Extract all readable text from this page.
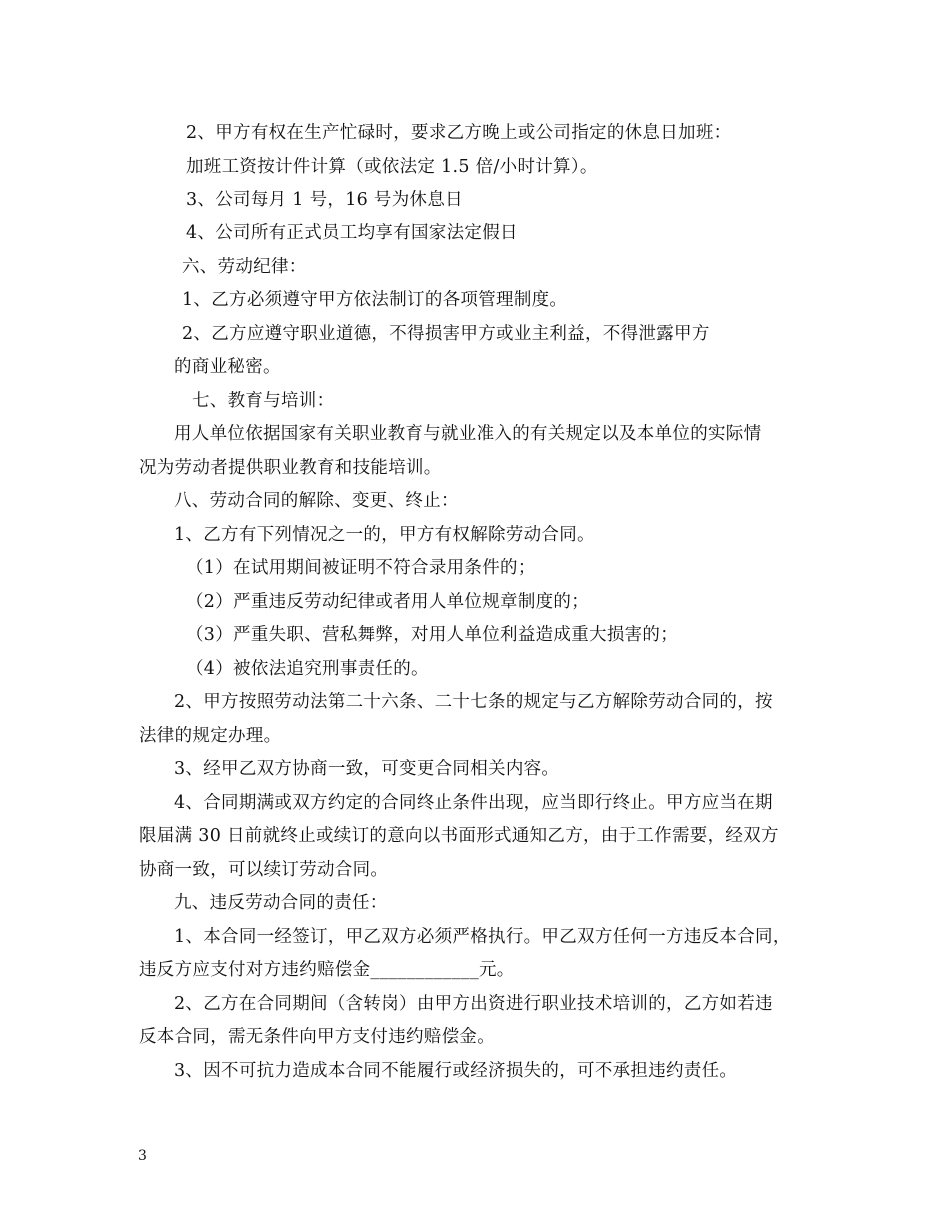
2、甲方有权在生产忙碌时，要求乙方晚上或公司指定的休息日加班：
加班工资按计件计算（或依法定 1.5 倍/小时计算）。
3、公司每月 1 号，16 号为休息日
4、公司所有正式员工均享有国家法定假日
六、劳动纪律：
1、乙方必须遵守甲方依法制订的各项管理制度。
2、乙方应遵守职业道德，不得损害甲方或业主利益，不得泄露甲方
的商业秘密。
七、教育与培训：
用人单位依据国家有关职业教育与就业准入的有关规定以及本单位的实际情
况为劳动者提供职业教育和技能培训。
八、劳动合同的解除、变更、终止：
1、乙方有下列情况之一的，甲方有权解除劳动合同。
（1）在试用期间被证明不符合录用条件的；
（2）严重违反劳动纪律或者用人单位规章制度的；
（3）严重失职、营私舞弊，对用人单位利益造成重大损害的；
（4）被依法追究刑事责任的。
2、甲方按照劳动法第二十六条、二十七条的规定与乙方解除劳动合同的，按
法律的规定办理。
3、经甲乙双方协商一致，可变更合同相关内容。
4、合同期满或双方约定的合同终止条件出现，应当即行终止。甲方应当在期
限届满 30 日前就终止或续订的意向以书面形式通知乙方，由于工作需要，经双方
协商一致，可以续订劳动合同。
九、违反劳动合同的责任：
1、本合同一经签订，甲乙双方必须严格执行。甲乙双方任何一方违反本合同，
违反方应支付对方违约赔偿金____________元。
2、乙方在合同期间（含转岗）由甲方出资进行职业技术培训的，乙方如若违
反本合同，需无条件向甲方支付违约赔偿金。
3、因不可抗力造成本合同不能履行或经济损失的，可不承担违约责任。
3
